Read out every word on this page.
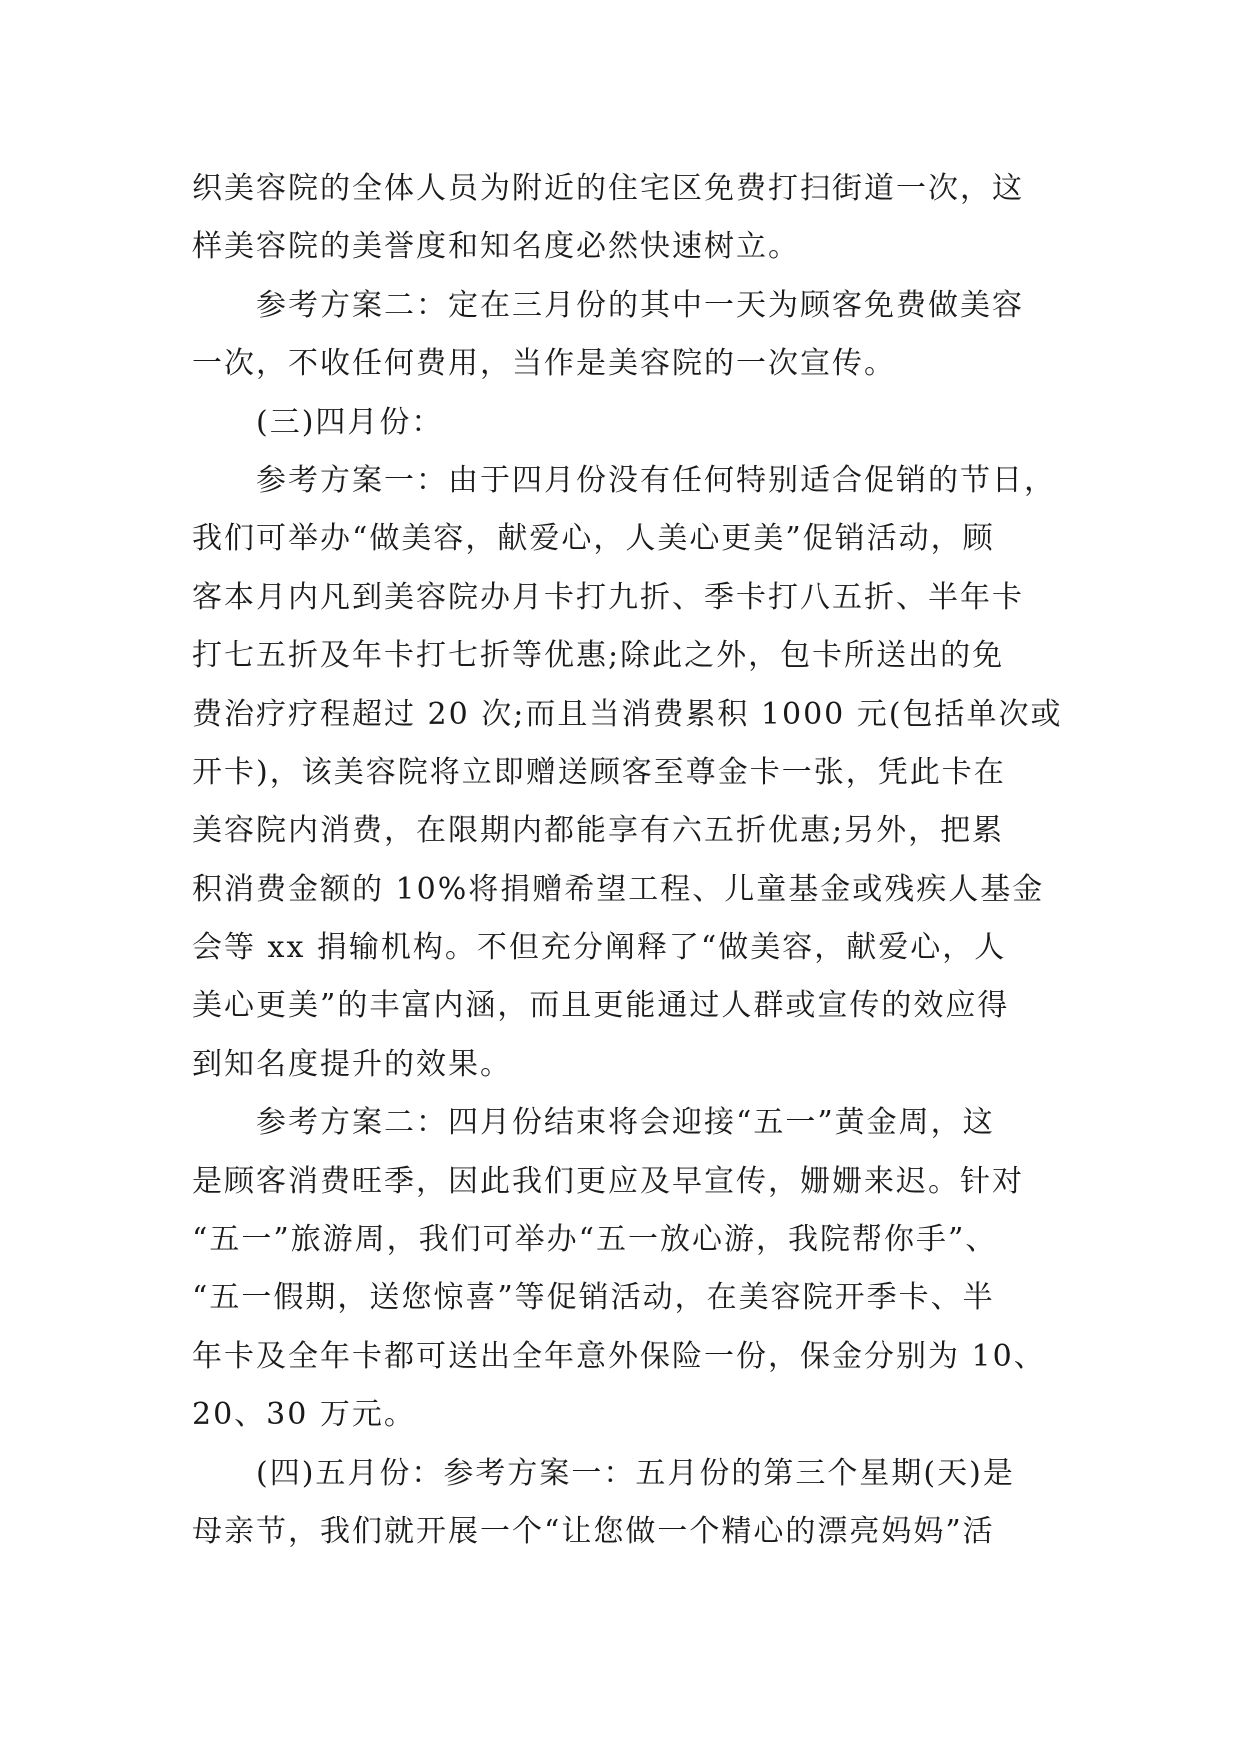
织美容院的全体人员为附近的住宅区免费打扫街道一次，这
样美容院的美誉度和知名度必然快速树立。
参考方案二：定在三月份的其中一天为顾客免费做美容
一次，不收任何费用，当作是美容院的一次宣传。
(三)四月份：
参考方案一：由于四月份没有任何特别适合促销的节日，
我们可举办“做美容，献爱心，人美心更美”促销活动，顾
客本月内凡到美容院办月卡打九折、季卡打八五折、半年卡
打七五折及年卡打七折等优惠;除此之外，包卡所送出的免
费治疗疗程超过 20 次;而且当消费累积 1000 元(包括单次或
开卡)，该美容院将立即赠送顾客至尊金卡一张，凭此卡在
美容院内消费，在限期内都能享有六五折优惠;另外，把累
积消费金额的 10%将捐赠希望工程、儿童基金或残疾人基金
会等 xx 捐输机构。不但充分阐释了“做美容，献爱心，人
美心更美”的丰富内涵，而且更能通过人群或宣传的效应得
到知名度提升的效果。
参考方案二：四月份结束将会迎接“五一”黄金周，这
是顾客消费旺季，因此我们更应及早宣传，姗姗来迟。针对
“五一”旅游周，我们可举办“五一放心游，我院帮你手”、
“五一假期，送您惊喜”等促销活动，在美容院开季卡、半
年卡及全年卡都可送出全年意外保险一份，保金分别为 10、
20、30 万元。
(四)五月份：参考方案一：五月份的第三个星期(天)是
母亲节，我们就开展一个“让您做一个精心的漂亮妈妈”活
